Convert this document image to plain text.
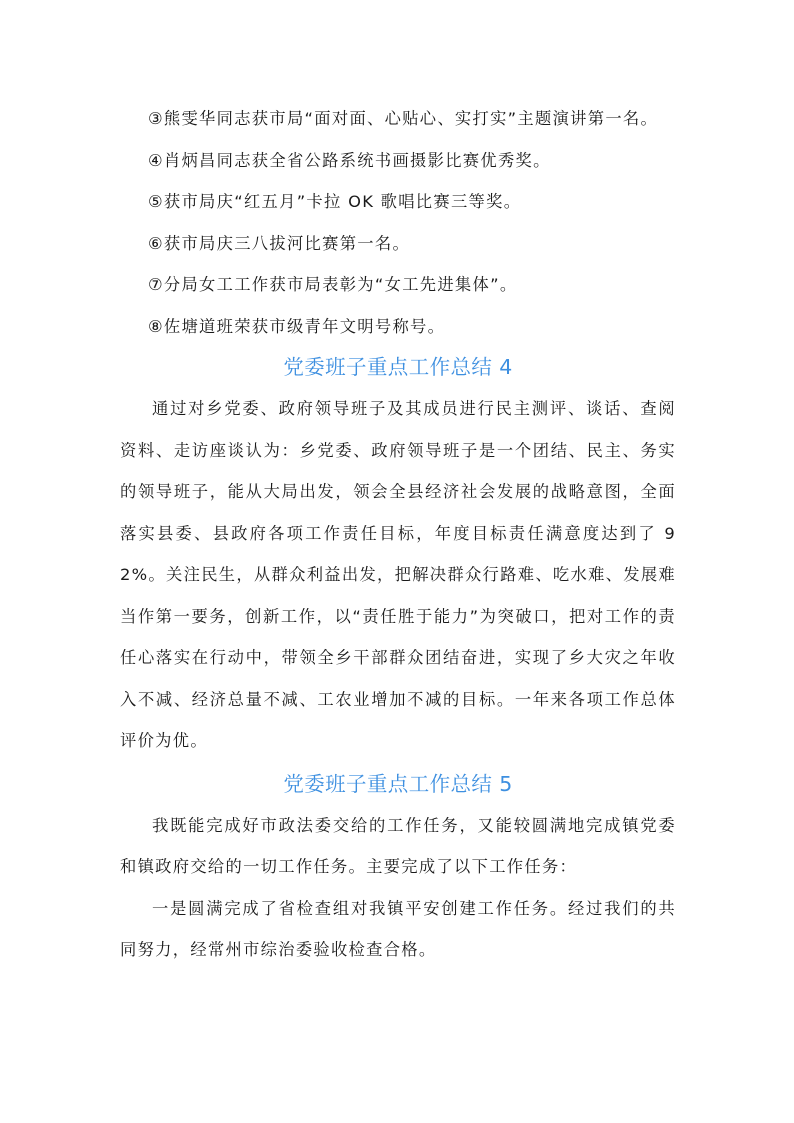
③熊雯华同志获市局“面对面、心贴心、实打实”主题演讲第一名。

④肖炳昌同志获全省公路系统书画摄影比赛优秀奖。

⑤获市局庆“红五月”卡拉 OK 歌唱比赛三等奖。

⑥获市局庆三八拔河比赛第一名。

⑦分局女工工作获市局表彰为“女工先进集体”。

⑧佐塘道班荣获市级青年文明号称号。

党委班子重点工作总结 4

通过对乡党委、政府领导班子及其成员进行民主测评、谈话、查阅资料、走访座谈认为：乡党委、政府领导班子是一个团结、民主、务实的领导班子，能从大局出发，领会全县经济社会发展的战略意图，全面落实县委、县政府各项工作责任目标，年度目标责任满意度达到了 92%。关注民生，从群众利益出发，把解决群众行路难、吃水难、发展难当作第一要务，创新工作，以“责任胜于能力”为突破口，把对工作的责任心落实在行动中，带领全乡干部群众团结奋进，实现了乡大灾之年收入不减、经济总量不减、工农业增加不减的目标。一年来各项工作总体评价为优。

党委班子重点工作总结 5

我既能完成好市政法委交给的工作任务，又能较圆满地完成镇党委和镇政府交给的一切工作任务。主要完成了以下工作任务：

一是圆满完成了省检查组对我镇平安创建工作任务。经过我们的共同努力，经常州市综治委验收检查合格。
